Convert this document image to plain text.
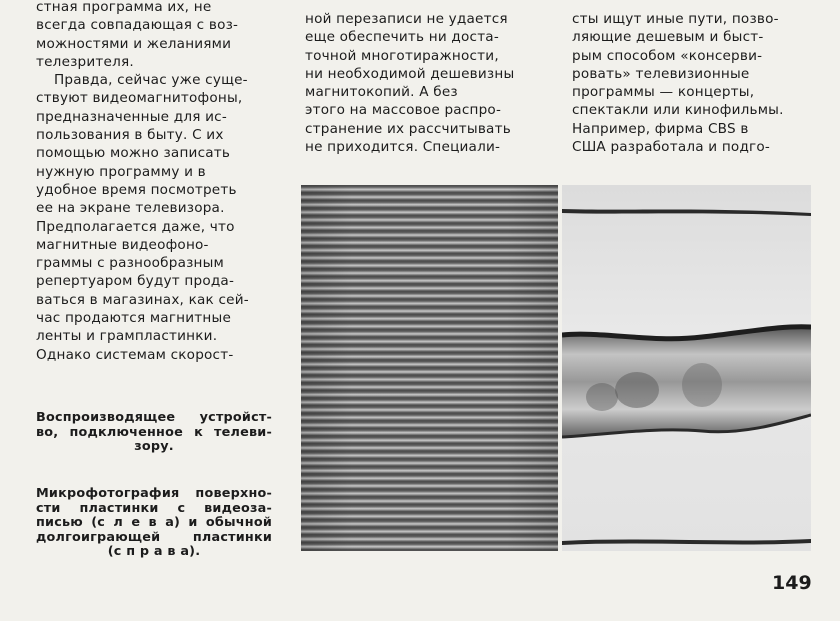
стная программа их, не
всегда совпадающая с воз-
можностями и желаниями
телезрителя.

Правда, сейчас уже суще-
ствуют видеомагнитофоны,
предназначенные для ис-
пользования в быту. С их
помощью можно записать
нужную программу и в
удобное время посмотреть
ее на экране телевизора.
Предполагается даже, что
магнитные видеофоно-
граммы с разнообразным
репертуаром будут прода-
ваться в магазинах, как сей-
час продаются магнитные
ленты и грампластинки.
Однако системам скорост-

ной перезаписи не удается
еще обеспечить ни доста-
точной многотиражности,
ни необходимой дешевизны
магнитокопий. А без
этого на массовое распро-
странение их рассчитывать
не приходится. Специали-

сты ищут иные пути, позво-
ляющие дешевым и быст-
рым способом «консерви-
ровать» телевизионные
программы — концерты,
спектакли или кинофильмы.
Например, фирма CBS в
США разработала и подго-

Воспроизводящее устройст-
во, подключенное к телеви-
зору.
Микрофотография поверхно-
сти пластинки с видеоза-
писью (с л е в а) и обычной
долгоиграющей пластинки
(с п р а в а).
149
